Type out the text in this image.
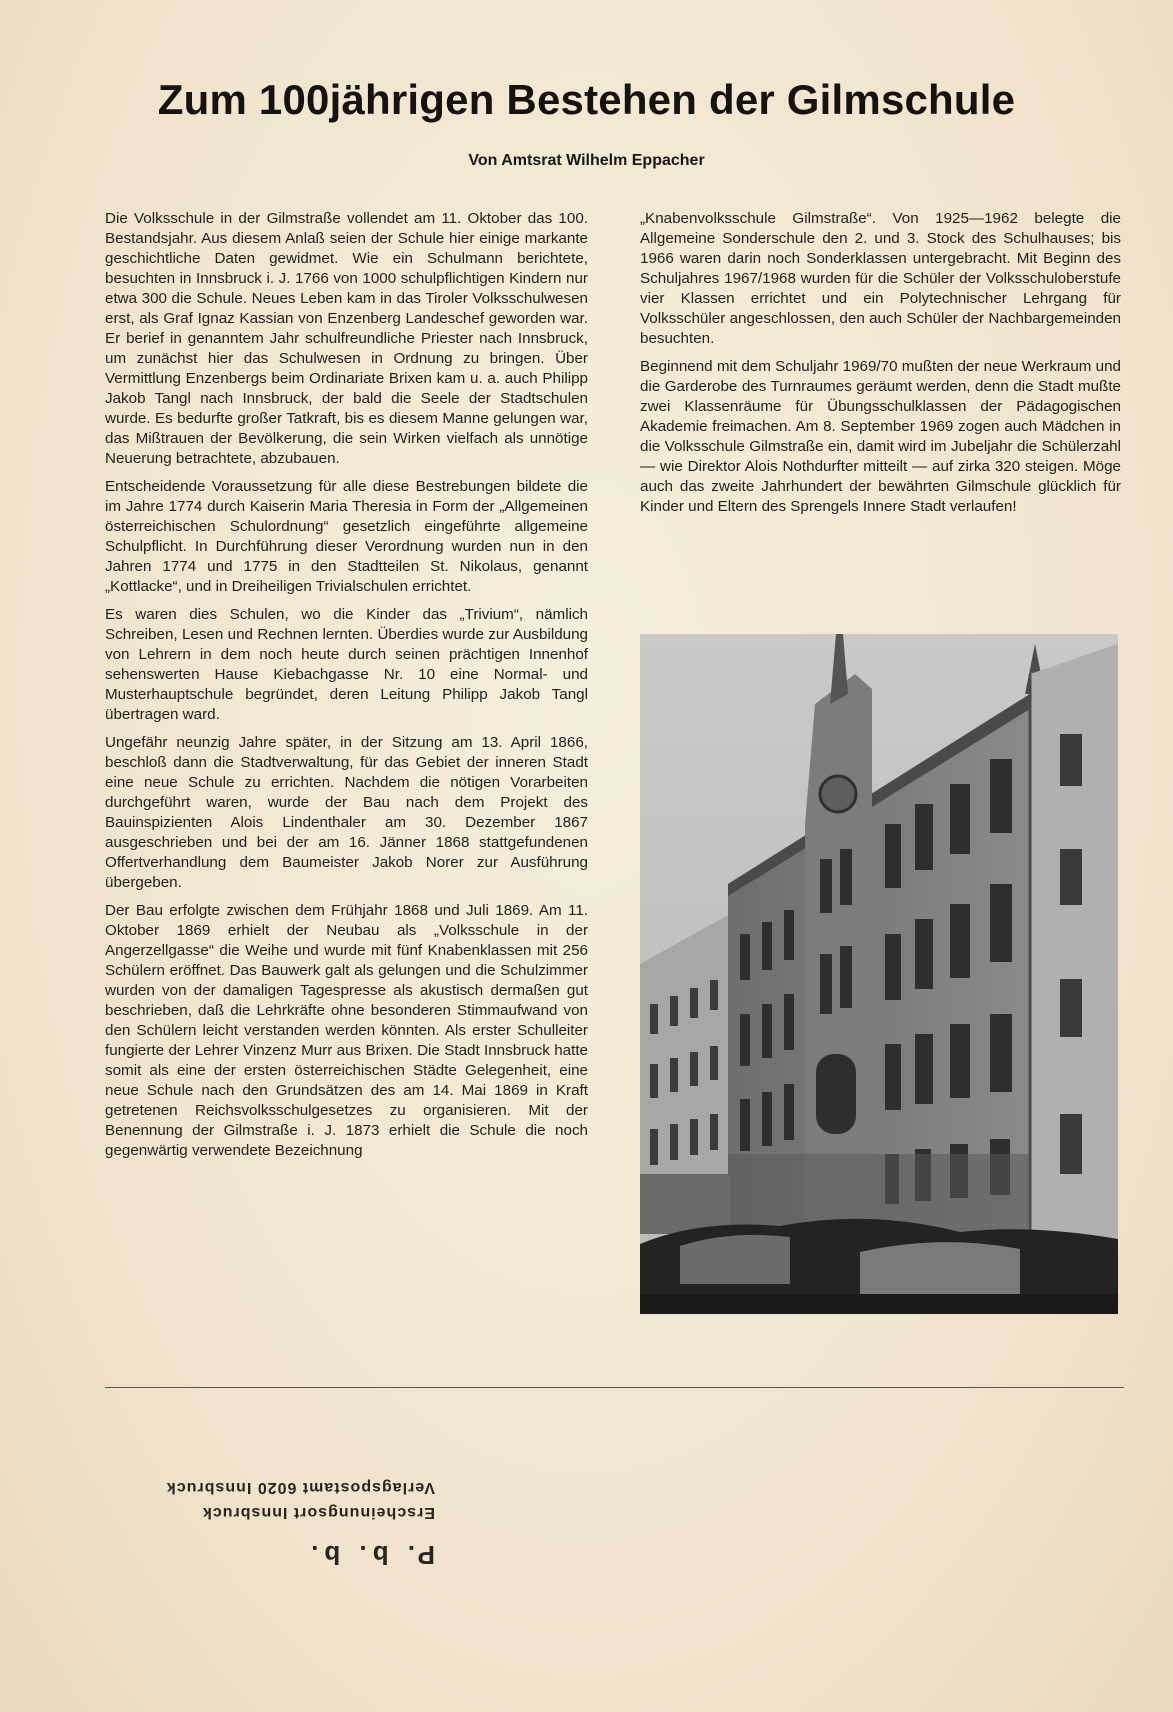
Zum 100jährigen Bestehen der Gilmschule
Von Amtsrat Wilhelm Eppacher

Die Volksschule in der Gilmstraße vollendet am 11. Oktober das 100. Bestandsjahr. Aus diesem Anlaß seien der Schule hier einige markante geschichtliche Daten gewidmet. Wie ein Schulmann berichtete, besuchten in Innsbruck i. J. 1766 von 1000 schulpflichtigen Kindern nur etwa 300 die Schule. Neues Leben kam in das Tiroler Volksschulwesen erst, als Graf Ignaz Kassian von Enzenberg Landeschef geworden war. Er berief in genanntem Jahr schulfreundliche Priester nach Innsbruck, um zunächst hier das Schulwesen in Ordnung zu bringen. Über Vermittlung Enzenbergs beim Ordinariate Brixen kam u. a. auch Philipp Jakob Tangl nach Innsbruck, der bald die Seele der Stadtschulen wurde. Es bedurfte großer Tatkraft, bis es diesem Manne gelungen war, das Mißtrauen der Bevölkerung, die sein Wirken vielfach als unnötige Neuerung betrachtete, abzubauen.

Entscheidende Voraussetzung für alle diese Bestrebungen bildete die im Jahre 1774 durch Kaiserin Maria Theresia in Form der „Allgemeinen österreichischen Schulordnung“ gesetzlich eingeführte allgemeine Schulpflicht. In Durchführung dieser Verordnung wurden nun in den Jahren 1774 und 1775 in den Stadtteilen St. Nikolaus, genannt „Kottlacke“, und in Dreiheiligen Trivialschulen errichtet.

Es waren dies Schulen, wo die Kinder das „Trivium“, nämlich Schreiben, Lesen und Rechnen lernten. Überdies wurde zur Ausbildung von Lehrern in dem noch heute durch seinen prächtigen Innenhof sehenswerten Hause Kiebachgasse Nr. 10 eine Normal- und Musterhauptschule begründet, deren Leitung Philipp Jakob Tangl übertragen ward.

Ungefähr neunzig Jahre später, in der Sitzung am 13. April 1866, beschloß dann die Stadtverwaltung, für das Gebiet der inneren Stadt eine neue Schule zu errichten. Nachdem die nötigen Vorarbeiten durchgeführt waren, wurde der Bau nach dem Projekt des Bauinspizienten Alois Lindenthaler am 30. Dezember 1867 ausgeschrieben und bei der am 16. Jänner 1868 stattgefundenen Offertverhandlung dem Baumeister Jakob Norer zur Ausführung übergeben.

Der Bau erfolgte zwischen dem Frühjahr 1868 und Juli 1869. Am 11. Oktober 1869 erhielt der Neubau als „Volksschule in der Angerzellgasse“ die Weihe und wurde mit fünf Knabenklassen mit 256 Schülern eröffnet. Das Bauwerk galt als gelungen und die Schulzimmer wurden von der damaligen Tagespresse als akustisch dermaßen gut beschrieben, daß die Lehrkräfte ohne besonderen Stimmaufwand von den Schülern leicht verstanden werden könnten. Als erster Schulleiter fungierte der Lehrer Vinzenz Murr aus Brixen. Die Stadt Innsbruck hatte somit als eine der ersten österreichischen Städte Gelegenheit, eine neue Schule nach den Grundsätzen des am 14. Mai 1869 in Kraft getretenen Reichsvolksschulgesetzes zu organisieren. Mit der Benennung der Gilmstraße i. J. 1873 erhielt die Schule die noch gegenwärtig verwendete Bezeichnung

„Knabenvolksschule Gilmstraße“. Von 1925—1962 belegte die Allgemeine Sonderschule den 2. und 3. Stock des Schulhauses; bis 1966 waren darin noch Sonderklassen untergebracht. Mit Beginn des Schuljahres 1967/1968 wurden für die Schüler der Volksschuloberstufe vier Klassen errichtet und ein Polytechnischer Lehrgang für Volksschüler angeschlossen, den auch Schüler der Nachbargemeinden besuchten.

Beginnend mit dem Schuljahr 1969/70 mußten der neue Werkraum und die Garderobe des Turnraumes geräumt werden, denn die Stadt mußte zwei Klassenräume für Übungsschulklassen der Pädagogischen Akademie freimachen. Am 8. September 1969 zogen auch Mädchen in die Volksschule Gilmstraße ein, damit wird im Jubeljahr die Schülerzahl — wie Direktor Alois Nothdurfter mitteilt — auf zirka 320 steigen. Möge auch das zweite Jahrhundert der bewährten Gilmschule glücklich für Kinder und Eltern des Sprengels Innere Stadt verlaufen!

P. b. b.
Erscheinungsort Innsbruck
Verlagspostamt 6020 Innsbruck
